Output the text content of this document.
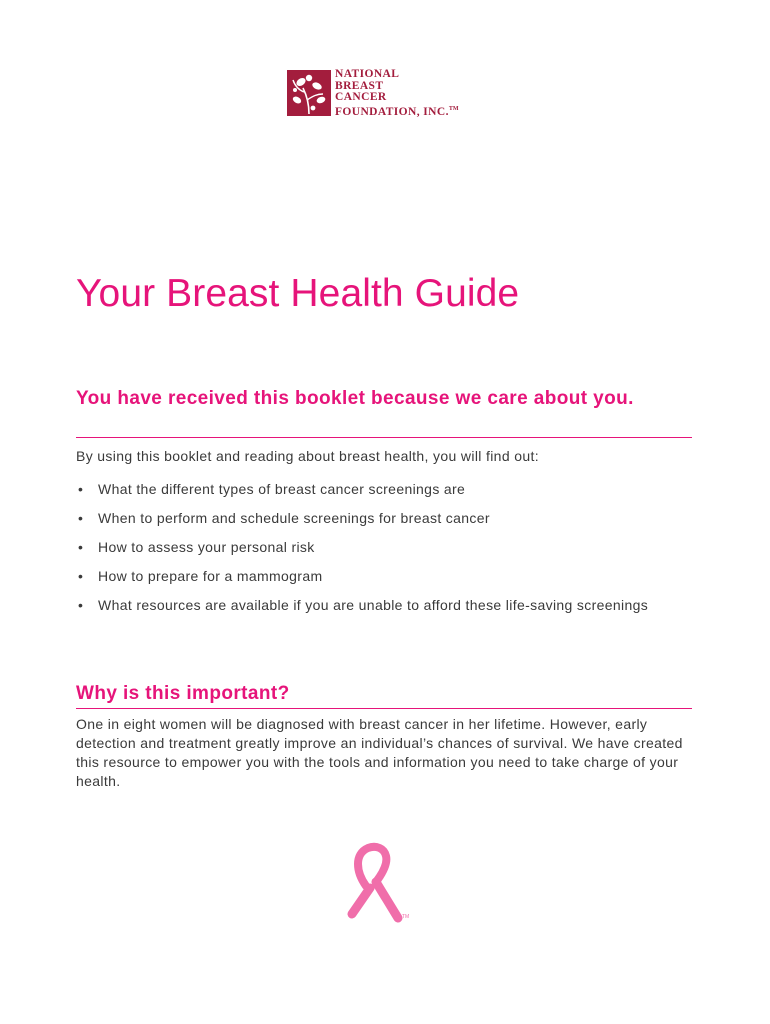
NATIONAL
BREAST
CANCER
FOUNDATION, INC.™
Your Breast Health Guide
You have received this booklet because we care about you.

By using this booklet and reading about breast health, you will find out:

• What the different types of breast cancer screenings are
• When to perform and schedule screenings for breast cancer
• How to assess your personal risk
• How to prepare for a mammogram
• What resources are available if you are unable to afford these life-saving screenings
Why is this important?

One in eight women will be diagnosed with breast cancer in her lifetime. However, early detection and treatment greatly improve an individual’s chances of survival. We have created this resource to empower you with the tools and information you need to take charge of your health.

TM
